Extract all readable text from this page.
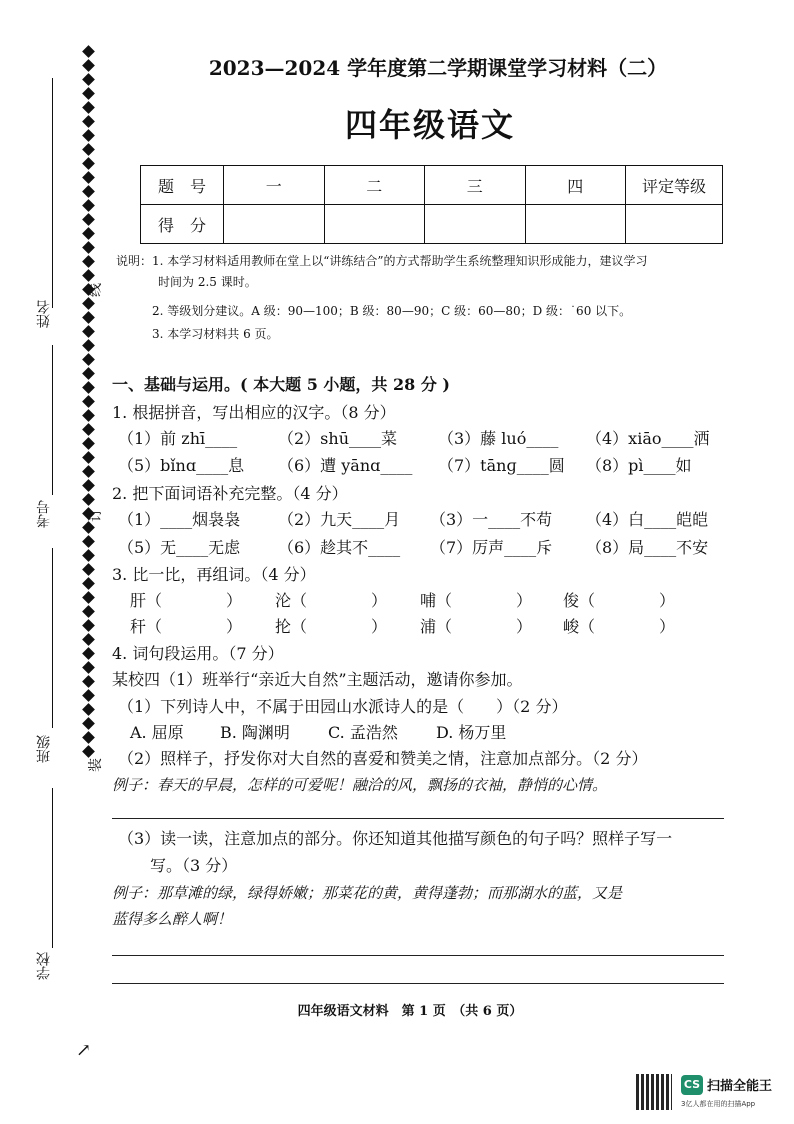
姓名
考号
班级
学校
线
订
装
2023—2024 学年度第二学期课堂学习材料（二）
四年级语文
题　号	一	二	三	四	评定等级
得　分					
说明：1. 本学习材料适用教师在堂上以“讲练结合”的方式帮助学生系统整理知识形成能力，建议学习
时间为 2.5 课时。
2. 等级划分建议。A 级：90—100；B 级：80—90；C 级：60—80；D 级：˙60 以下。
3. 本学习材料共 6 页。
一、基础与运用。( 本大题 5 小题，共 28 分 )
1. 根据拼音，写出相应的汉字。（8 分）
（1）前 zhī____	（2）shū____菜	（3）藤 luó____ （4）xiāo____洒
（5）bǐnɑ____息 （6）遭 yānɑ____ （7）tānɡ____圆 （8）pì____如
2. 把下面词语补充完整。（4 分）
（1）____烟袅袅 （2）九天____月 （3）一____不苟 （4）白____皑皑
（5）无____无虑 （6）趁其不____ （7）厉声____斥 （8）局____不安
3. 比一比，再组词。（4 分）
肝（　　　　） 沦（　　　　） 哺（　　　　） 俊（　　　　）
秆（　　　　） 抡（　　　　） 浦（　　　　） 峻（　　　　）
4. 词句段运用。（7 分）
某校四（1）班举行“亲近大自然”主题活动，邀请你参加。
（1）下列诗人中，不属于田园山水派诗人的是（　　）（2 分）
A. 屈原 B. 陶渊明 C. 孟浩然 D. 杨万里
（2）照样子，抒发你对大自然的喜爱和赞美之情，注意加点部分。（2 分）
例子：春天的早晨，怎样的可爱呢！融洽的风，飘扬的衣袖，静悄的心情。
（3）读一读，注意加点的部分。你还知道其他描写颜色的句子吗？照样子写一
写。（3 分）
例子：那草滩的绿，绿得娇嫩；那菜花的黄，黄得蓬勃；而那湖水的蓝，又是
蓝得多么醉人啊！
四年级语文材料　第 1 页　（共 6 页）
↗
CS 扫描全能王
3亿人都在用的扫描App
